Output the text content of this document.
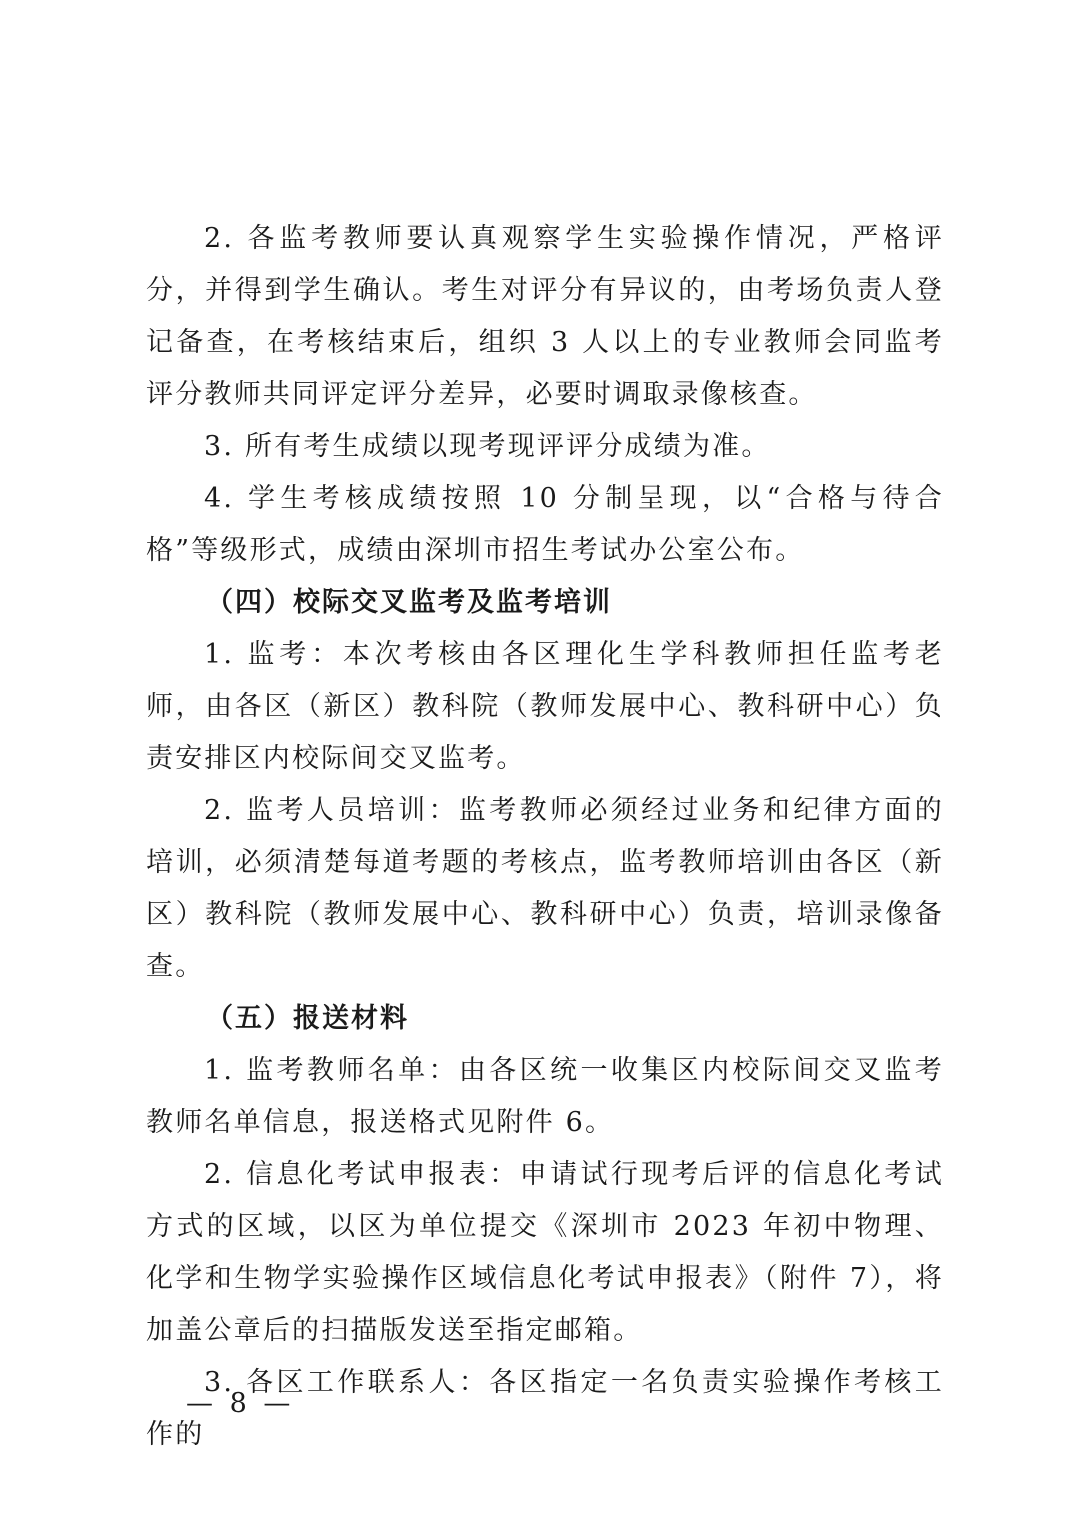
2. 各监考教师要认真观察学生实验操作情况，严格评分，并得到学生确认。考生对评分有异议的，由考场负责人登记备查，在考核结束后，组织 3 人以上的专业教师会同监考评分教师共同评定评分差异，必要时调取录像核查。

3. 所有考生成绩以现考现评评分成绩为准。

4. 学生考核成绩按照 10 分制呈现，以“合格与待合格”等级形式，成绩由深圳市招生考试办公室公布。

（四）校际交叉监考及监考培训

1. 监考：本次考核由各区理化生学科教师担任监考老师，由各区（新区）教科院（教师发展中心、教科研中心）负责安排区内校际间交叉监考。

2. 监考人员培训：监考教师必须经过业务和纪律方面的培训，必须清楚每道考题的考核点，监考教师培训由各区（新区）教科院（教师发展中心、教科研中心）负责，培训录像备查。

（五）报送材料

1. 监考教师名单：由各区统一收集区内校际间交叉监考教师名单信息，报送格式见附件 6。

2. 信息化考试申报表：申请试行现考后评的信息化考试方式的区域，以区为单位提交《深圳市 2023 年初中物理、化学和生物学实验操作区域信息化考试申报表》（附件 7），将加盖公章后的扫描版发送至指定邮箱。

3. 各区工作联系人：各区指定一名负责实验操作考核工作的

— 8 —
